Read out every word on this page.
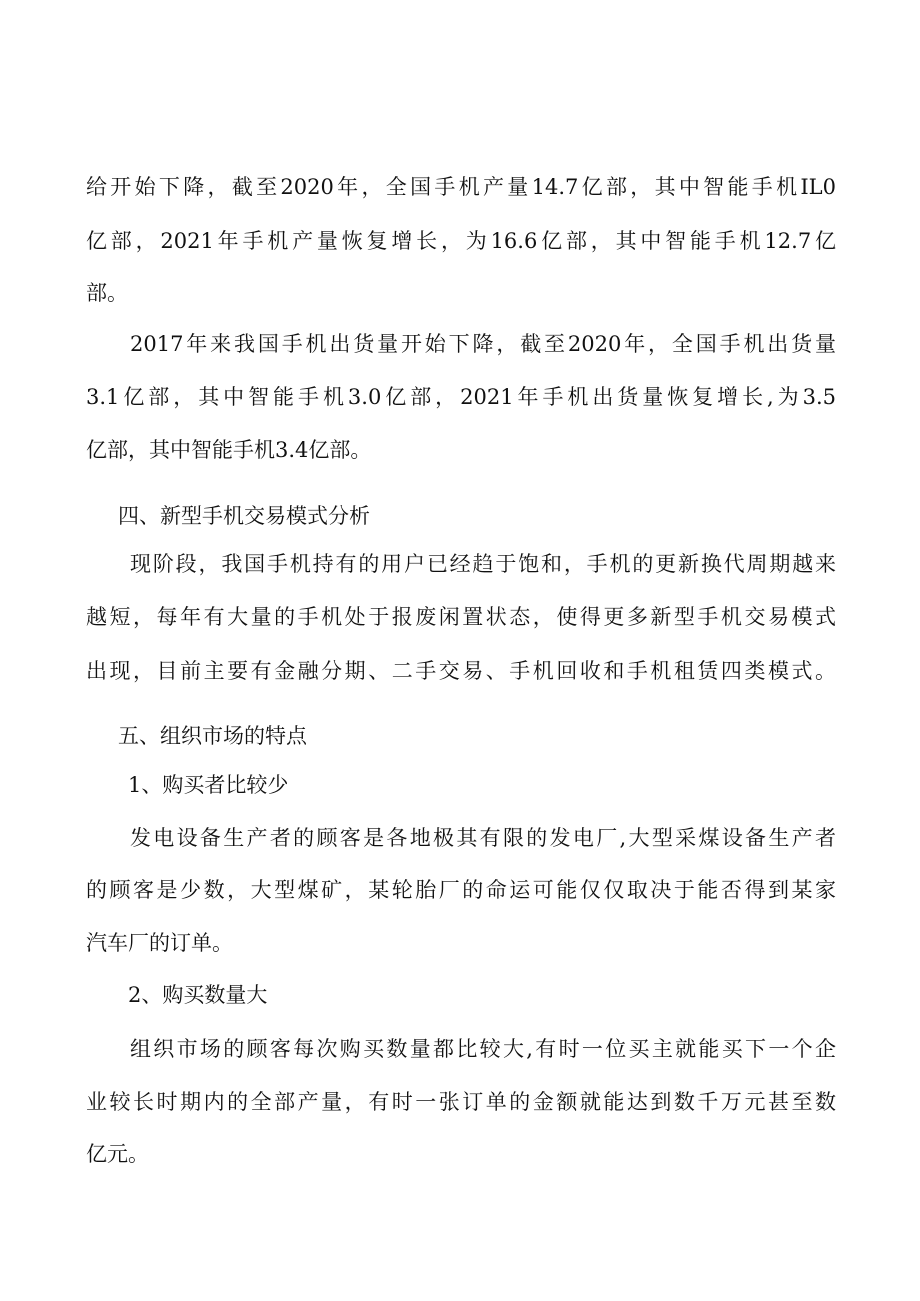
给开始下降，截至2020年，全国手机产量14.7亿部，其中智能手机IL0

亿部，2021年手机产量恢复增长，为16.6亿部，其中智能手机12.7亿

部。

2017年来我国手机出货量开始下降，截至2020年，全国手机出货量

3.1亿部，其中智能手机3.0亿部，2021年手机出货量恢复增长,为3.5

亿部，其中智能手机3.4亿部。

四、新型手机交易模式分析

现阶段，我国手机持有的用户已经趋于饱和，手机的更新换代周期越来

越短，每年有大量的手机处于报废闲置状态，使得更多新型手机交易模式

出现，目前主要有金融分期、二手交易、手机回收和手机租赁四类模式。

五、组织市场的特点

1、购买者比较少

发电设备生产者的顾客是各地极其有限的发电厂,大型采煤设备生产者

的顾客是少数，大型煤矿，某轮胎厂的命运可能仅仅取决于能否得到某家

汽车厂的订单。

2、购买数量大

组织市场的顾客每次购买数量都比较大,有时一位买主就能买下一个企

业较长时期内的全部产量，有时一张订单的金额就能达到数千万元甚至数

亿元。
